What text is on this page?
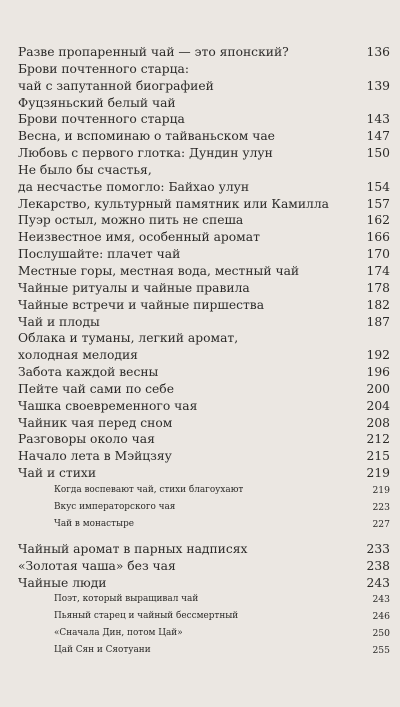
Разве пропаренный чай — это японский?	136
Брови почтенного старца:
чай с запутанной биографией	139
Фуцзяньский белый чай
Брови почтенного старца	143
Весна, и вспоминаю о тайваньском чае	147
Любовь с первого глотка: Дундин улун	150
Не было бы счастья,
да несчастье помогло: Байхао улун	154
Лекарство, культурный памятник или Камилла	157
Пуэр остыл, можно пить не спеша	162
Неизвестное имя, особенный аромат	166
Послушайте: плачет чай	170
Местные горы, местная вода, местный чай	174
Чайные ритуалы и чайные правила	178
Чайные встречи и чайные пиршества	182
Чай и плоды	187
Облака и туманы, легкий аромат,
холодная мелодия	192
Забота каждой весны	196
Пейте чай сами по себе	200
Чашка своевременного чая	204
Чайник чая перед сном	208
Разговоры около чая	212
Начало лета в Мэйцзяу	215
Чай и стихи	219
Когда воспевают чай, стихи благоухают	219
Вкус императорского чая	223
Чай в монастыре	227
Чайный аромат в парных надписях	233
«Золотая чаша» без чая	238
Чайные люди	243
Поэт, который выращивал чай	243
Пьяный старец и чайный бессмертный	246
«Сначала Дин, потом Цай»	250
Цай Сян и Сяотуани	255
